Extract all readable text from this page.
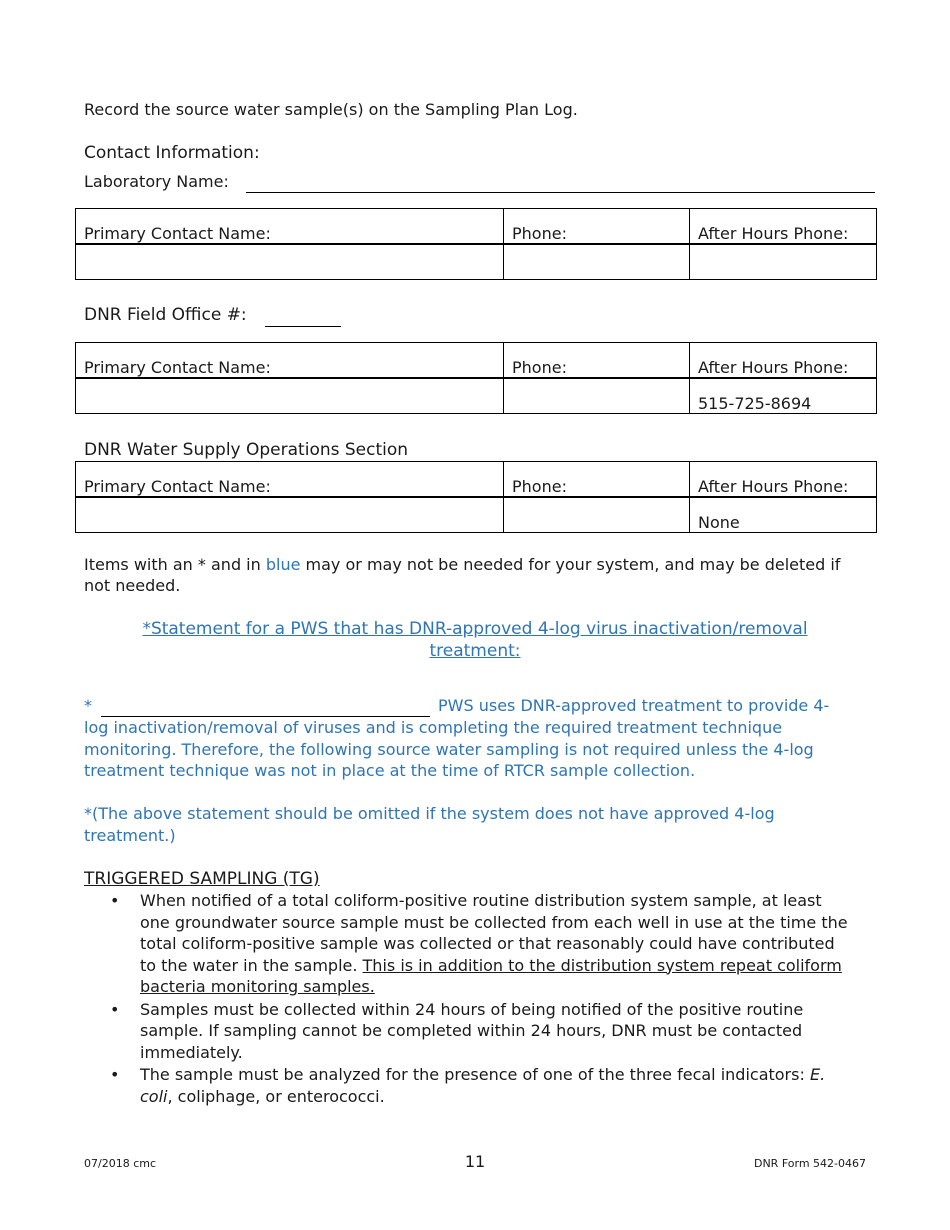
Record the source water sample(s) on the Sampling Plan Log.
Contact Information:
Laboratory Name:
Primary Contact Name:	Phone:	After Hours Phone:

DNR Field Office #:
Primary Contact Name:	Phone:	After Hours Phone:
		515-725-8694
DNR Water Supply Operations Section
Primary Contact Name:	Phone:	After Hours Phone:
		None
Items with an * and in blue may or may not be needed for your system, and may be deleted if
not needed.
*Statement for a PWS that has DNR-approved 4-log virus inactivation/removal
treatment:
*	PWS uses DNR-approved treatment to provide 4-
log inactivation/removal of viruses and is completing the required treatment technique
monitoring. Therefore, the following source water sampling is not required unless the 4-log
treatment technique was not in place at the time of RTCR sample collection.
*(The above statement should be omitted if the system does not have approved 4-log
treatment.)
TRIGGERED SAMPLING (TG)
• When notified of a total coliform-positive routine distribution system sample, at least
one groundwater source sample must be collected from each well in use at the time the
total coliform-positive sample was collected or that reasonably could have contributed
to the water in the sample. This is in addition to the distribution system repeat coliform
bacteria monitoring samples.
• Samples must be collected within 24 hours of being notified of the positive routine
sample. If sampling cannot be completed within 24 hours, DNR must be contacted
immediately.
• The sample must be analyzed for the presence of one of the three fecal indicators: E.
coli, coliphage, or enterococci.
07/2018 cmc	11	DNR Form 542-0467
